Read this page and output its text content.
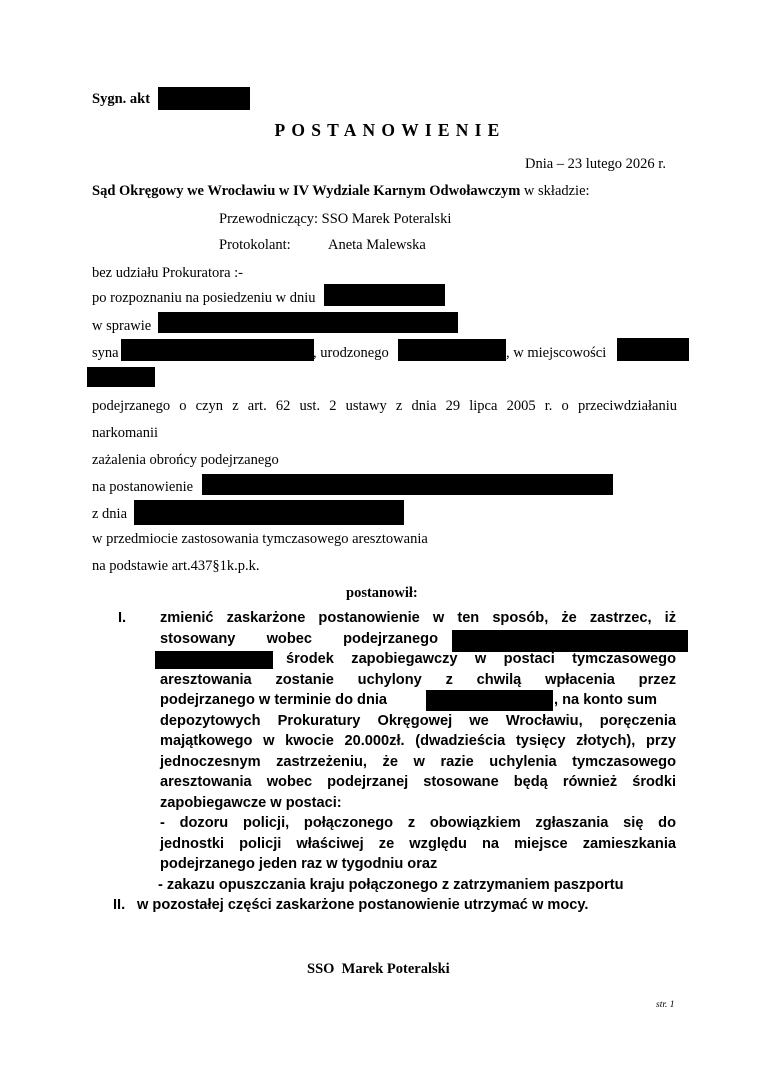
Sygn. akt
POSTANOWIENIE
Dnia – 23 lutego 2026 r.
Sąd Okręgowy we Wrocławiu w IV Wydziale Karnym Odwoławczym w składzie:
Przewodniczący: SSO Marek Poteralski
Protokolant:	Aneta Malewska
bez udziału Prokuratora :-
po rozpoznaniu na posiedzeniu w dniu
w sprawie
syna	, urodzonego	, w miejscowości
podejrzanego o czyn z art. 62 ust. 2 ustawy z dnia 29 lipca 2005 r. o przeciwdziałaniu
narkomanii
zażalenia obrońcy podejrzanego
na postanowienie
z dnia
w przedmiocie zastosowania tymczasowego aresztowania
na podstawie art.437§1k.p.k.
postanowił:
I. zmienić zaskarżone postanowienie w ten sposób, że zastrzec, iż
stosowany wobec podejrzanego
środek zapobiegawczy w postaci tymczasowego
aresztowania zostanie uchylony z chwilą wpłacenia przez
podejrzanego w terminie do dnia	, na konto sum
depozytowych Prokuratury Okręgowej we Wrocławiu, poręczenia
majątkowego w kwocie 20.000zł. (dwadzieścia tysięcy złotych), przy
jednoczesnym zastrzeżeniu, że w razie uchylenia tymczasowego
aresztowania wobec podejrzanej stosowane będą również środki
zapobiegawcze w postaci:
- dozoru policji, połączonego z obowiązkiem zgłaszania się do
jednostki policji właściwej ze względu na miejsce zamieszkania
podejrzanego jeden raz w tygodniu oraz
- zakazu opuszczania kraju połączonego z zatrzymaniem paszportu
II. w pozostałej części zaskarżone postanowienie utrzymać w mocy.
SSO  Marek Poteralski
str. 1
